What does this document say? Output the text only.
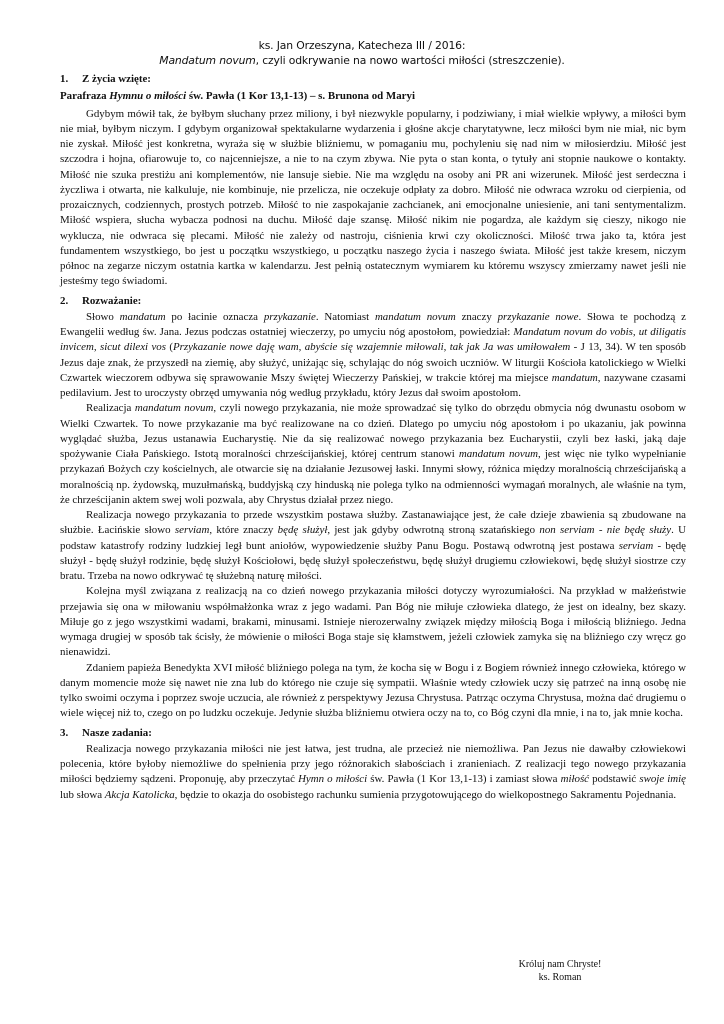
ks. Jan Orzeszyna, Katecheza III / 2016:
Mandatum novum, czyli odkrywanie na nowo wartości miłości (streszczenie).
1. Z życia wzięte:
Parafraza Hymnu o miłości św. Pawła (1 Kor 13,1-13) – s. Brunona od Maryi

Gdybym mówił tak, że byłbym słuchany przez miliony, i był niezwykle popularny, i podziwiany, i miał wielkie wpływy, a miłości bym nie miał, byłbym niczym. I gdybym organizował spektakularne wydarzenia i głośne akcje charytatywne, lecz miłości bym nie miał, nic bym nie zyskał. Miłość jest konkretna, wyraża się w służbie bliźniemu, w pomaganiu mu, pochyleniu się nad nim w miłosierdziu. Miłość jest szczodra i hojna, ofiarowuje to, co najcenniejsze, a nie to na czym zbywa. Nie pyta o stan konta, o tytuły ani stopnie naukowe o kontakty. Miłość nie szuka prestiżu ani komplementów, nie lansuje siebie. Nie ma względu na osoby ani PR ani wizerunek. Miłość jest serdeczna i życzliwa i otwarta, nie kalkuluje, nie kombinuje, nie przelicza, nie oczekuje odpłaty za dobro. Miłość nie odwraca wzroku od cierpienia, od prozaicznych, codziennych, prostych potrzeb. Miłość to nie zaspokajanie zachcianek, ani emocjonalne uniesienie, ani tani sentymentalizm. Miłość wspiera, słucha wybacza podnosi na duchu. Miłość daje szansę. Miłość nikim nie pogardza, ale każdym się cieszy, nikogo nie wyklucza, nie odwraca się plecami. Miłość nie zależy od nastroju, ciśnienia krwi czy okoliczności. Miłość trwa jako ta, która jest fundamentem wszystkiego, bo jest u początku wszystkiego, u początku naszego życia i naszego świata. Miłość jest także kresem, niczym północ na zegarze niczym ostatnia kartka w kalendarzu. Jest pełnią ostatecznym wymiarem ku któremu wszyscy zmierzamy nawet jeśli nie jesteśmy tego świadomi.

2. Rozważanie:

Słowo mandatum po łacinie oznacza przykazanie. Natomiast mandatum novum znaczy przykazanie nowe. Słowa te pochodzą z Ewangelii według św. Jana. Jezus podczas ostatniej wieczerzy, po umyciu nóg apostołom, powiedział: Mandatum novum do vobis, ut diligatis invicem, sicut dilexi vos (Przykazanie nowe daję wam, abyście się wzajemnie miłowali, tak jak Ja was umiłowałem - J 13, 34). W ten sposób Jezus daje znak, że przyszedł na ziemię, aby służyć, uniżając się, schylając do nóg swoich uczniów. W liturgii Kościoła katolickiego w Wielki Czwartek wieczorem odbywa się sprawowanie Mszy świętej Wieczerzy Pańskiej, w trakcie której ma miejsce mandatum, nazywane czasami pedilavium. Jest to uroczysty obrzęd umywania nóg według przykładu, który Jezus dał swoim apostołom.

Realizacja mandatum novum, czyli nowego przykazania, nie może sprowadzać się tylko do obrzędu obmycia nóg dwunastu osobom w Wielki Czwartek. To nowe przykazanie ma być realizowane na co dzień. Dlatego po umyciu nóg apostołom i po ukazaniu, jak powinna wyglądać służba, Jezus ustanawia Eucharystię. Nie da się realizować nowego przykazania bez Eucharystii, czyli bez łaski, jaką daje spożywanie Ciała Pańskiego. Istotą moralności chrześcijańskiej, której centrum stanowi mandatum novum, jest więc nie tylko wypełnianie przykazań Bożych czy kościelnych, ale otwarcie się na działanie Jezusowej łaski. Innymi słowy, różnica między moralnością chrześcijańską a moralnością np. żydowską, muzułmańską, buddyjską czy hinduską nie polega tylko na odmienności wymagań moralnych, ale właśnie na tym, że chrześcijanin aktem swej woli pozwala, aby Chrystus działał przez niego.

Realizacja nowego przykazania to przede wszystkim postawa służby. Zastanawiające jest, że całe dzieje zbawienia są zbudowane na służbie. Łacińskie słowo serviam, które znaczy będę służył, jest jak gdyby odwrotną stroną szatańskiego non serviam - nie będę służy. U podstaw katastrofy rodziny ludzkiej legł bunt aniołów, wypowiedzenie służby Panu Bogu. Postawą odwrotną jest postawa serviam - będę służył - będę służył rodzinie, będę służył Kościołowi, będę służył społeczeństwu, będę służył drugiemu człowiekowi, będę służył siostrze czy bratu. Trzeba na nowo odkrywać tę służebną naturę miłości.

Kolejna myśl związana z realizacją na co dzień nowego przykazania miłości dotyczy wyrozumiałości. Na przykład w małżeństwie przejawia się ona w miłowaniu współmałżonka wraz z jego wadami. Pan Bóg nie miłuje człowieka dlatego, że jest on idealny, bez skazy. Miłuje go z jego wszystkimi wadami, brakami, minusami. Istnieje nierozerwalny związek między miłością Boga i miłością bliźniego. Jedna wymaga drugiej w sposób tak ścisły, że mówienie o miłości Boga staje się kłamstwem, jeżeli człowiek zamyka się na bliźniego czy wręcz go nienawidzi.

Zdaniem papieża Benedykta XVI miłość bliźniego polega na tym, że kocha się w Bogu i z Bogiem również innego człowieka, którego w danym momencie może się nawet nie zna lub do którego nie czuje się sympatii. Właśnie wtedy człowiek uczy się patrzeć na inną osobę nie tylko swoimi oczyma i poprzez swoje uczucia, ale również z perspektywy Jezusa Chrystusa. Patrząc oczyma Chrystusa, można dać drugiemu o wiele więcej niż to, czego on po ludzku oczekuje. Jedynie służba bliźniemu otwiera oczy na to, co Bóg czyni dla mnie, i na to, jak mnie kocha.

3. Nasze zadania:

Realizacja nowego przykazania miłości nie jest łatwa, jest trudna, ale przecież nie niemożliwa. Pan Jezus nie dawałby człowiekowi polecenia, które byłoby niemożliwe do spełnienia przy jego różnorakich słabościach i zranieniach. Z realizacji tego nowego przykazania miłości będziemy sądzeni. Proponuję, aby przeczytać Hymn o miłości św. Pawła (1 Kor 13,1-13) i zamiast słowa miłość podstawić swoje imię lub słowa Akcja Katolicka, będzie to okazja do osobistego rachunku sumienia przygotowującego do wielkopostnego Sakramentu Pojednania.

Króluj nam Chryste!
ks. Roman
